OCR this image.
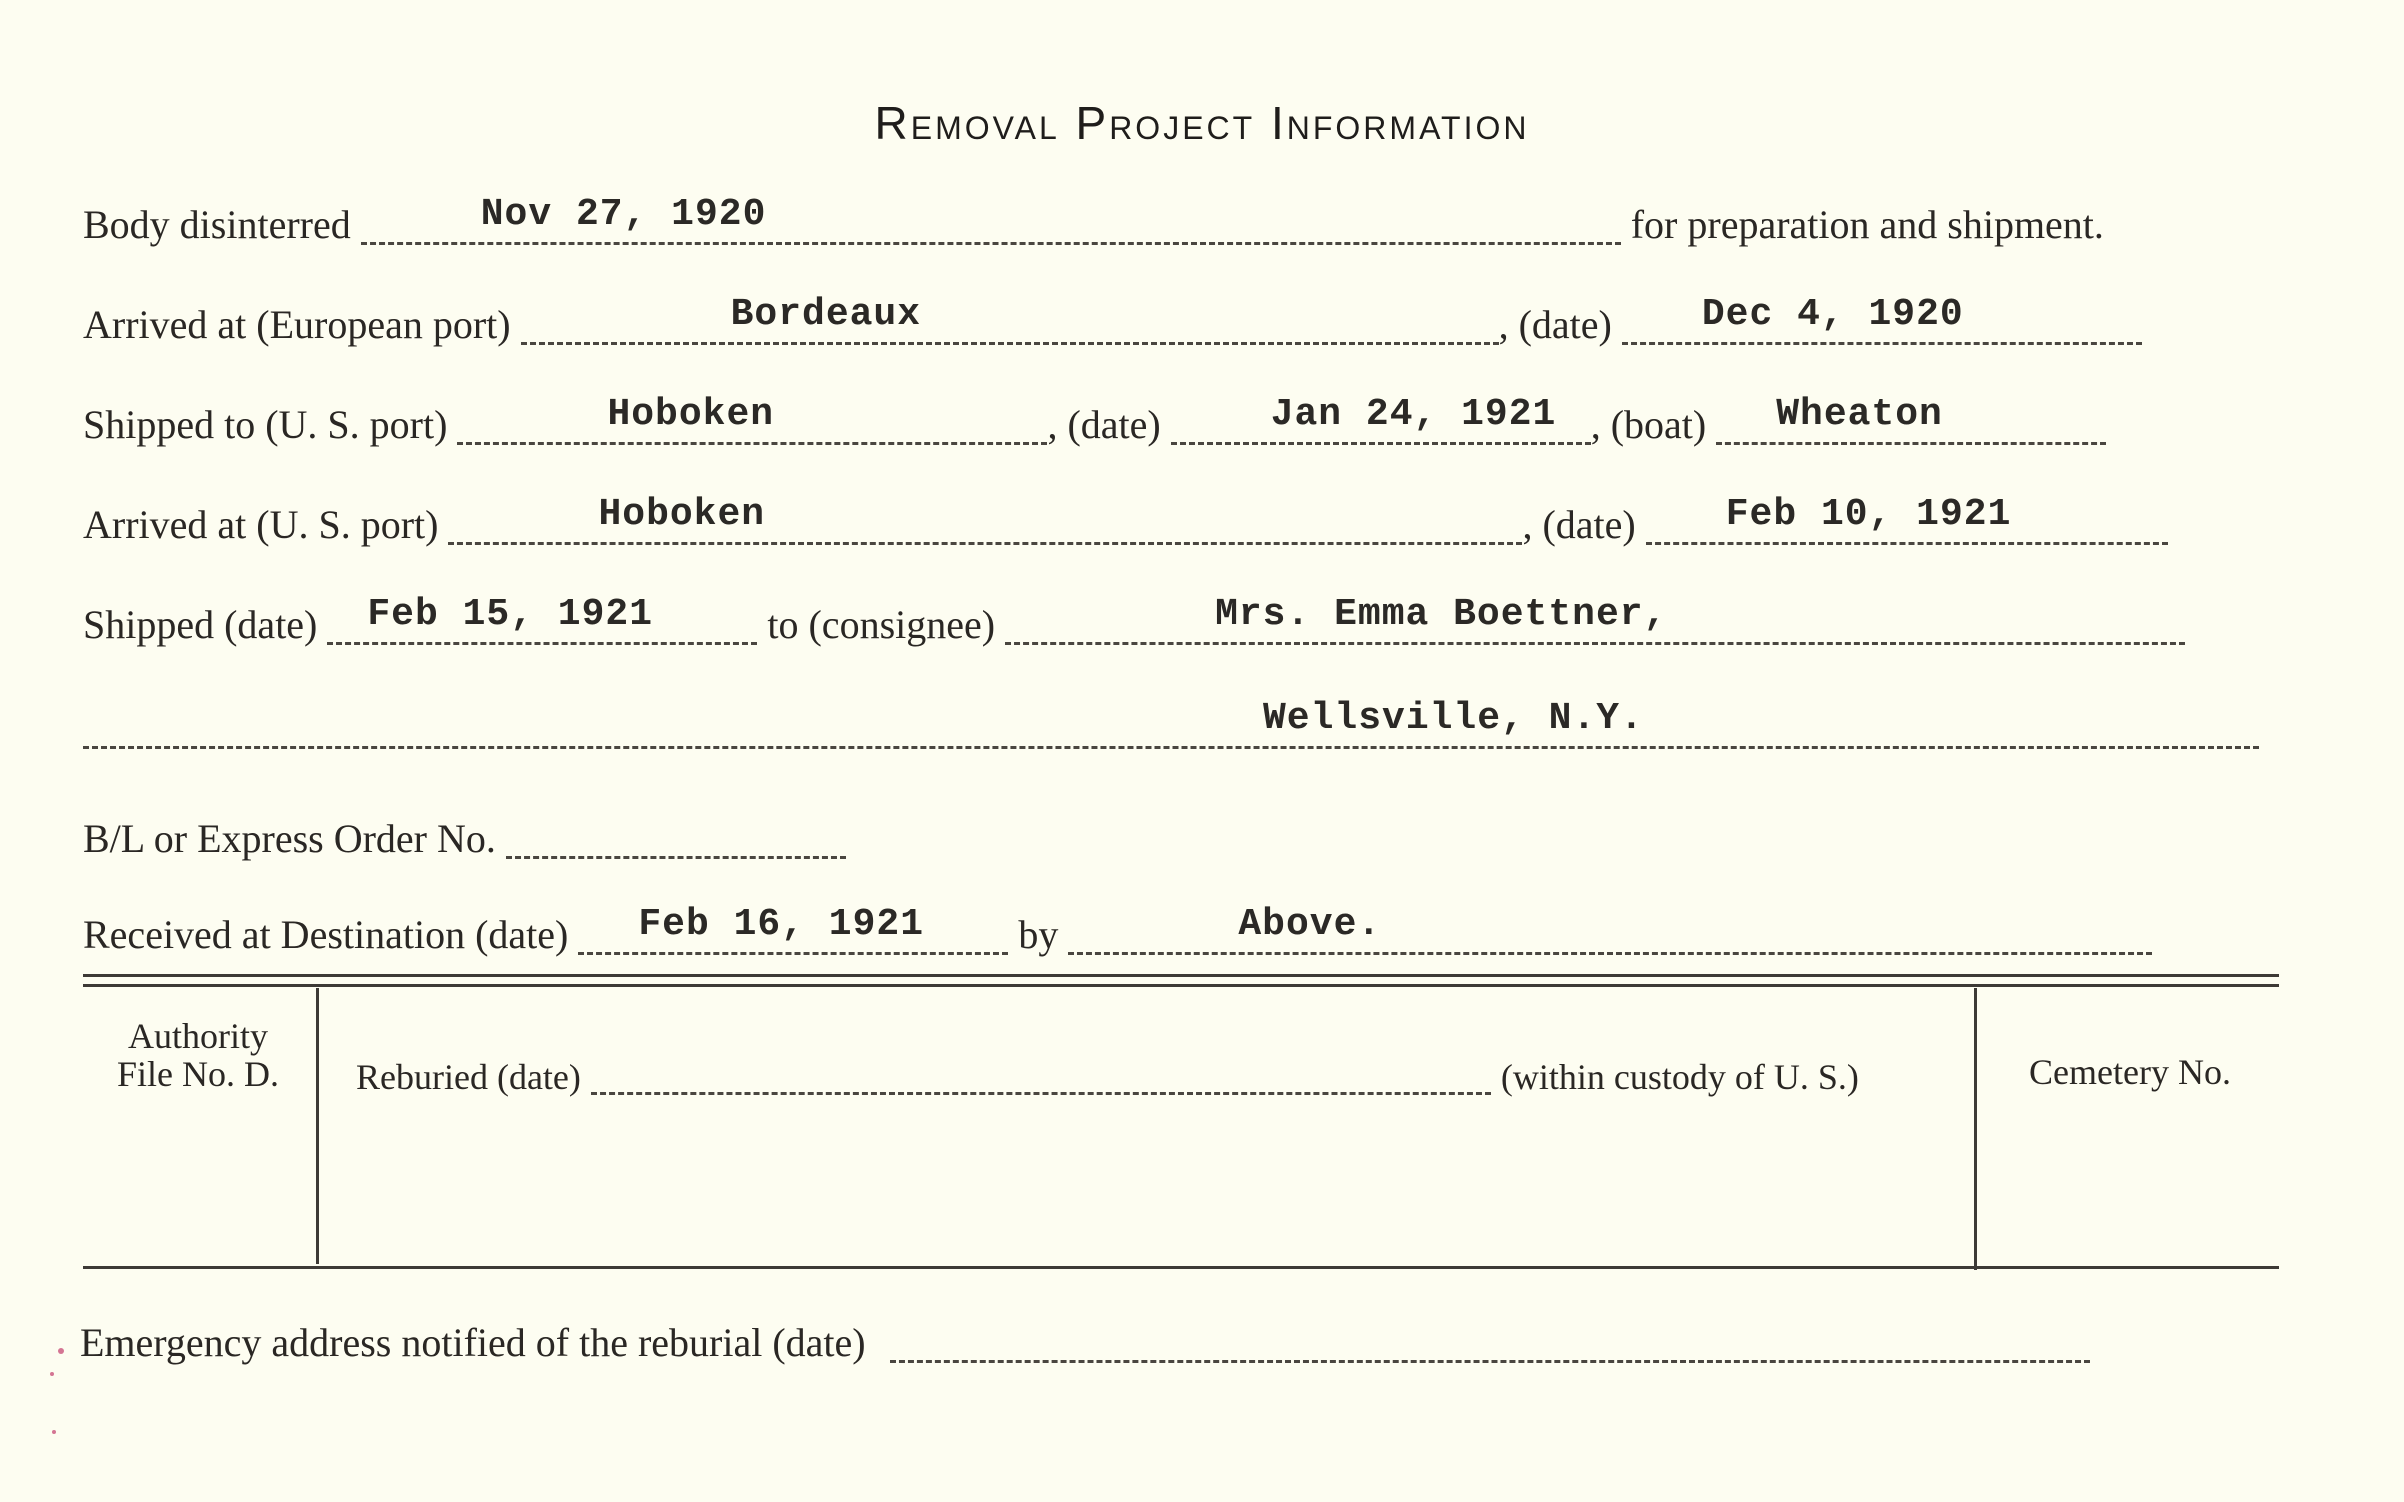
Removal Project Information
Body disinterred	Nov 27, 1920	for preparation and shipment.
Arrived at (European port)	Bordeaux	, (date) Dec 4, 1920
Shipped to (U. S. port)	Hoboken	, (date)	Jan 24, 1921 , (boat) Wheaton
Arrived at (U. S. port)	Hoboken	, (date) Feb 10, 1921
Shipped (date) Feb 15, 1921	to (consignee)	Mrs. Emma Boettner,
Wellsville, N.Y.
B/L or Express Order No.
Received at Destination (date) Feb 16, 1921 by	Above.
Authority
File No. D.	Reburied (date)	(within custody of U. S.)	Cemetery No.
Emergency address notified of the reburial (date)
